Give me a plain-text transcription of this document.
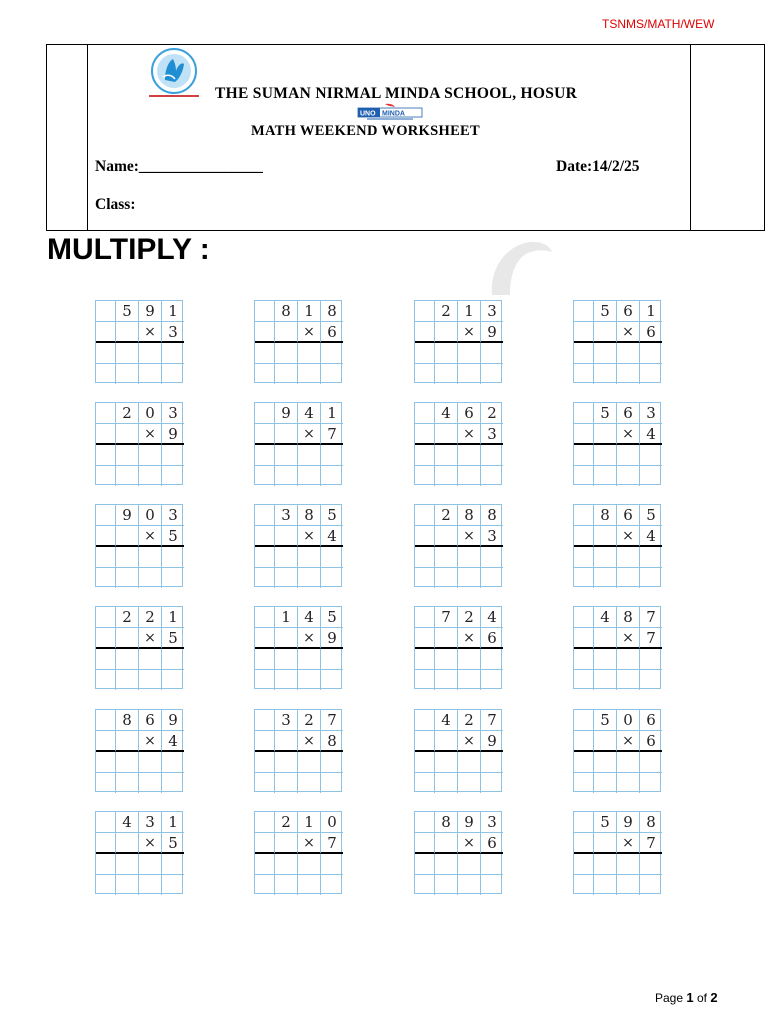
TSNMS/MATH/WEW
THE SUMAN NIRMAL MINDA SCHOOL, HOSUR
UNO MINDA
MATH WEEKEND WORKSHEET
Name:________________	Date:14/2/25
Class:
MULTIPLY :
5 9 1
× 3
8 1 8
× 6
2 1 3
× 9
5 6 1
× 6
2 0 3
× 9
9 4 1
× 7
4 6 2
× 3
5 6 3
× 4
9 0 3
× 5
3 8 5
× 4
2 8 8
× 3
8 6 5
× 4
2 2 1
× 5
1 4 5
× 9
7 2 4
× 6
4 8 7
× 7
8 6 9
× 4
3 2 7
× 8
4 2 7
× 9
5 0 6
× 6
4 3 1
× 5
2 1 0
× 7
8 9 3
× 6
5 9 8
× 7
Page 1 of 2
